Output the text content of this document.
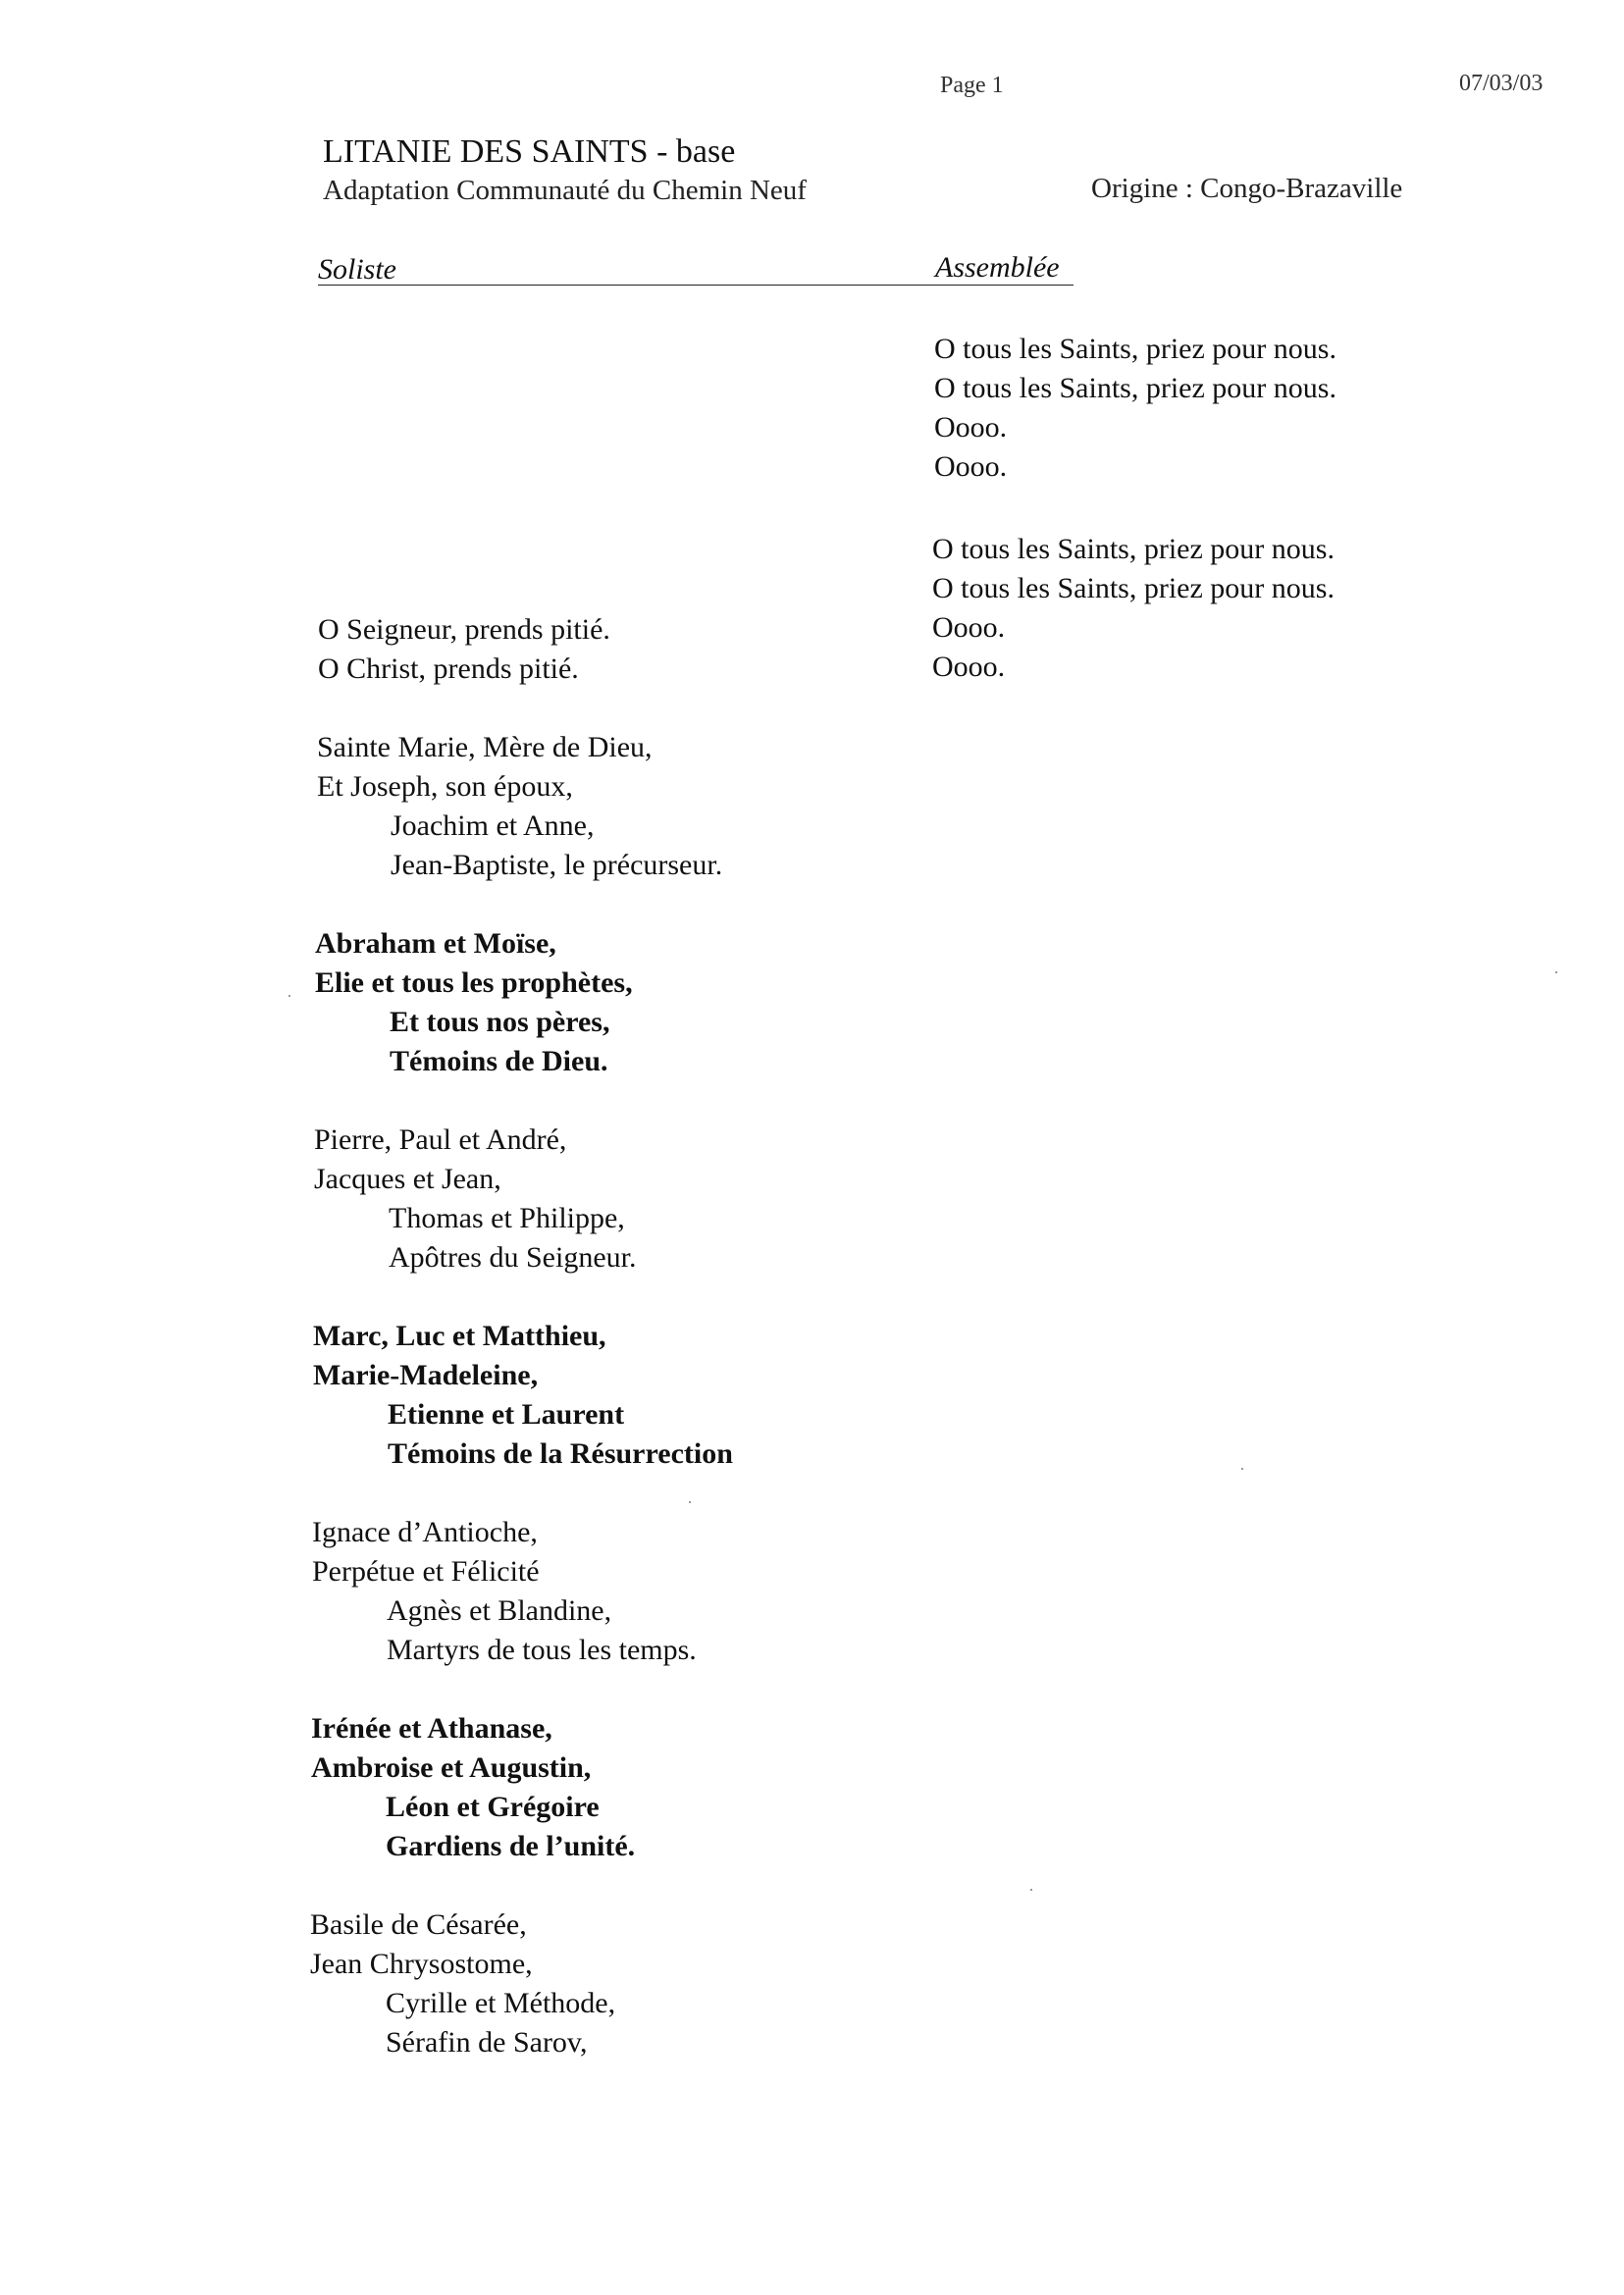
Page 1	07/03/03
LITANIE DES SAINTS - base
Adaptation Communauté du Chemin Neuf	Origine : Congo-Brazaville
Soliste	Assemblée
O tous les Saints, priez pour nous.
O tous les Saints, priez pour nous.
Oooo.
Oooo.
O tous les Saints, priez pour nous.
O tous les Saints, priez pour nous.
Oooo.
Oooo.
O Seigneur, prends pitié.
O Christ, prends pitié.
Sainte Marie, Mère de Dieu,
Et Joseph, son époux,
Joachim et Anne,
Jean-Baptiste, le précurseur.
Abraham et Moïse,
Elie et tous les prophètes,
Et tous nos pères,
Témoins de Dieu.
Pierre, Paul et André,
Jacques et Jean,
Thomas et Philippe,
Apôtres du Seigneur.
Marc, Luc et Matthieu,
Marie-Madeleine,
Etienne et Laurent
Témoins de la Résurrection
Ignace d’Antioche,
Perpétue et Félicité
Agnès et Blandine,
Martyrs de tous les temps.
Irénée et Athanase,
Ambroise et Augustin,
Léon et Grégoire
Gardiens de l’unité.
Basile de Césarée,
Jean Chrysostome,
Cyrille et Méthode,
Sérafin de Sarov,
